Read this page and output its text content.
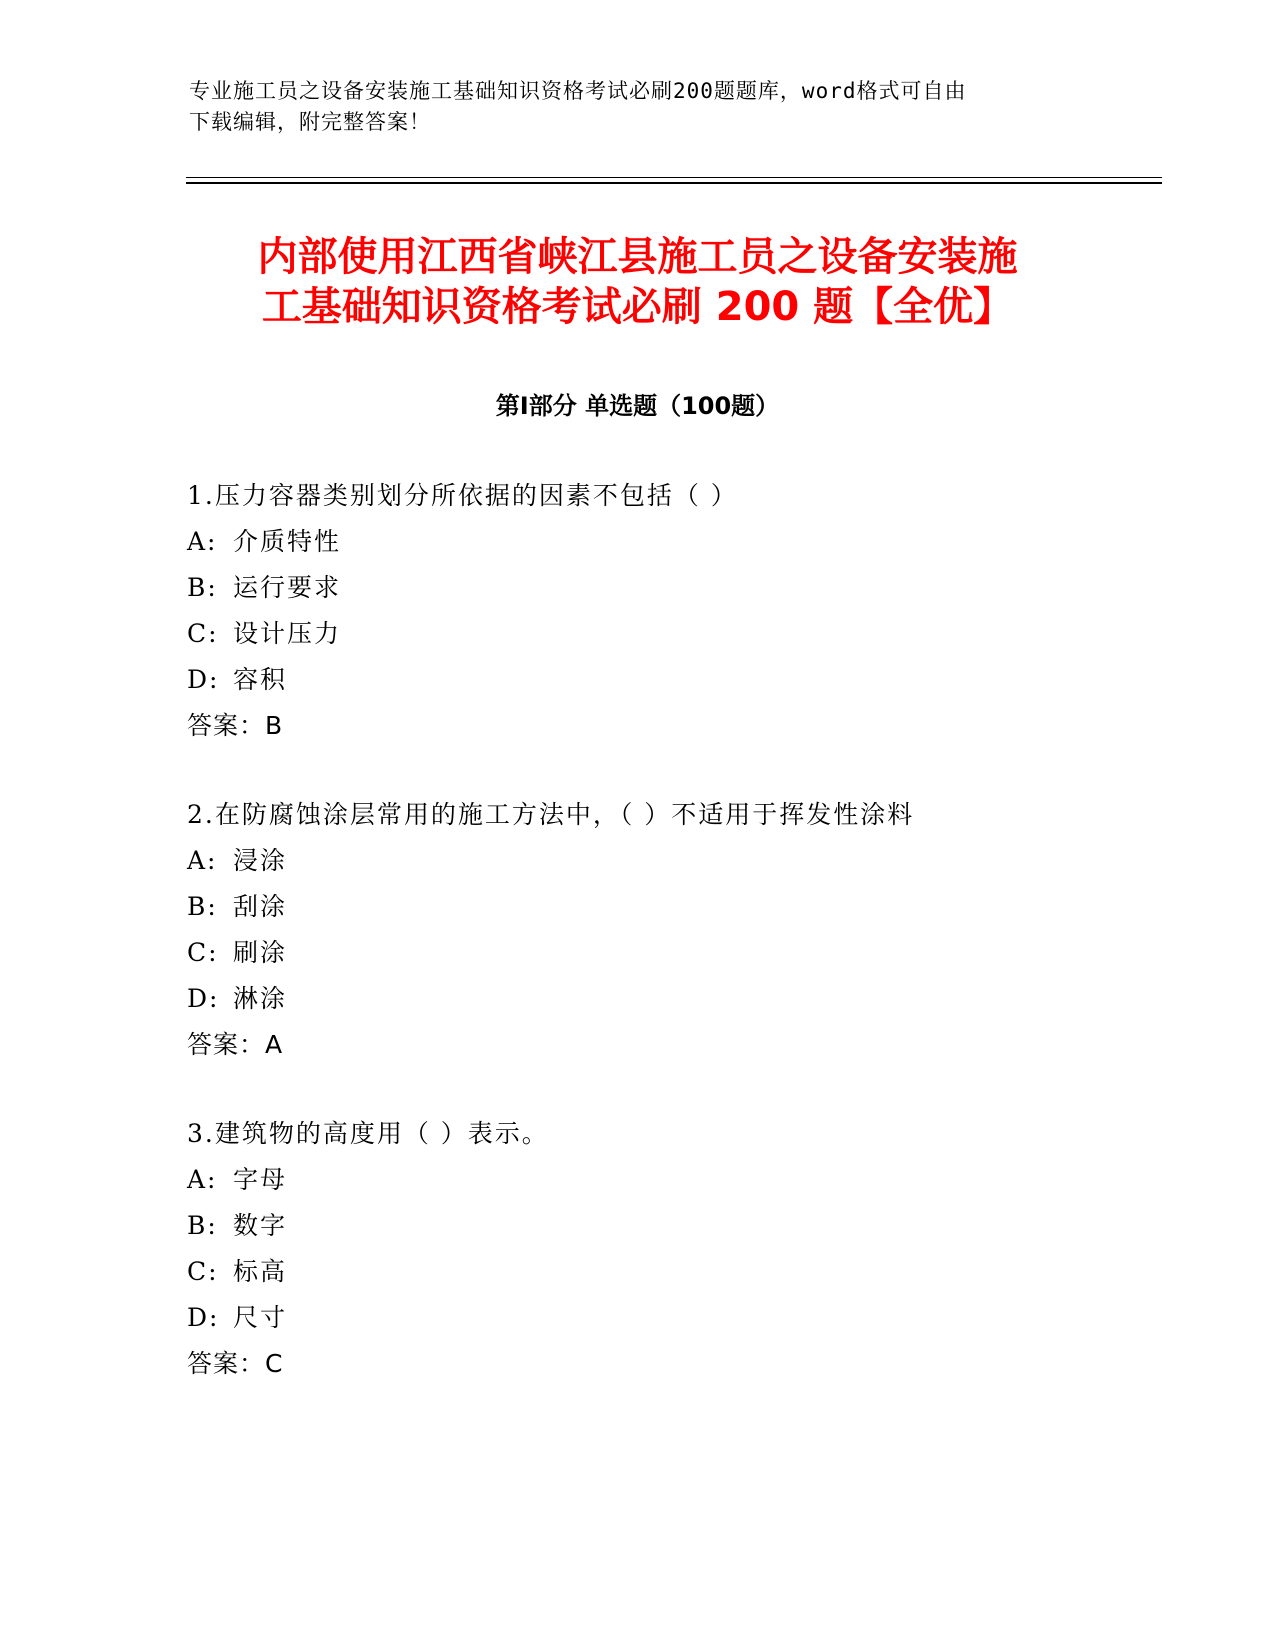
专业施工员之设备安装施工基础知识资格考试必刷200题题库，word格式可自由
下载编辑，附完整答案！
内部使用江西省峡江县施工员之设备安装施
工基础知识资格考试必刷 200 题【全优】
第Ⅰ部分 单选题（100题）
1.压力容器类别划分所依据的因素不包括（ ）
A: 介质特性
B: 运行要求
C: 设计压力
D: 容积
答案：B
2.在防腐蚀涂层常用的施工方法中，（ ）不适用于挥发性涂料
A: 浸涂
B: 刮涂
C: 刷涂
D: 淋涂
答案：A
3.建筑物的高度用（ ）表示。
A: 字母
B: 数字
C: 标高
D: 尺寸
答案：C
